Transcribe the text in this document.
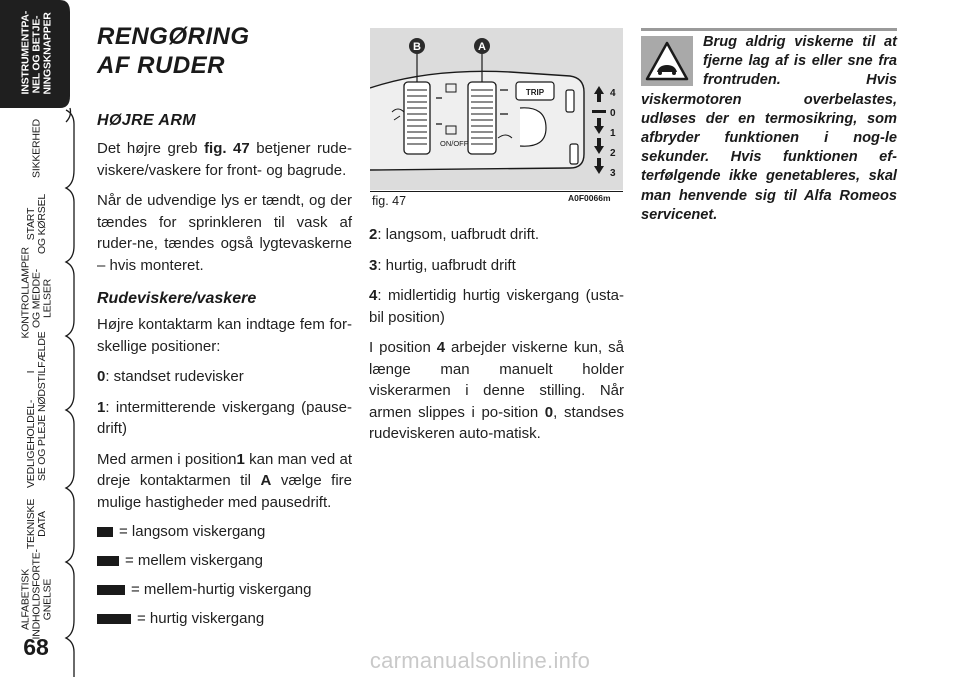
INSTRUMENTPA-
NEL OG BETJE-
NINGSKNAPPER
SIKKERHED
START
OG KØRSEL
KONTROLLAMPER
OG MEDDE-
LELSER
I NØDSTILFÆLDE
VEDLIGEHOLDEL-
SE OG PLEJE
TEKNISKE DATA
ALFABETISK
INDHOLDSFORTE-
GNELSE
68
RENGØRING
AF RUDER
HØJRE ARM

Det højre greb fig. 47 betjener rude-viskere/vaskere for front- og bagrude.

Når de udvendige lys er tændt, og der tændes for sprinkleren til vask af ruder-ne, tændes også lygtevaskerne – hvis monteret.

Rudeviskere/vaskere

Højre kontaktarm kan indtage fem for-skellige positioner:

0: standset rudevisker

1: intermitterende viskergang (pause-drift)

Med armen i position1 kan man ved at dreje kontaktarmen til A vælge fire mulige hastigheder med pausedrift.

= langsom viskergang
= mellem viskergang
= mellem-hurtig viskergang
= hurtig viskergang
TRIP
B	A
ON/OFF
4
0
1
2
3
fig. 47	A0F0066m

2: langsom, uafbrudt drift.

3: hurtig, uafbrudt drift

4: midlertidig hurtig viskergang (usta-bil position)

I position 4 arbejder viskerne kun, så længe man manuelt holder viskerarmen i denne stilling. Når armen slippes i po-sition 0, standses rudeviskeren auto-matisk.

Brug aldrig viskerne til at fjerne lag af is eller sne fra frontruden. Hvis viskermotoren overbelastes, udløses der en termosikring, som afbryder funktionen i nog-le sekunder. Hvis funktionen ef-terfølgende ikke genetableres, skal man henvende sig til Alfa Romeos servicenet.
carmanualsonline.info
